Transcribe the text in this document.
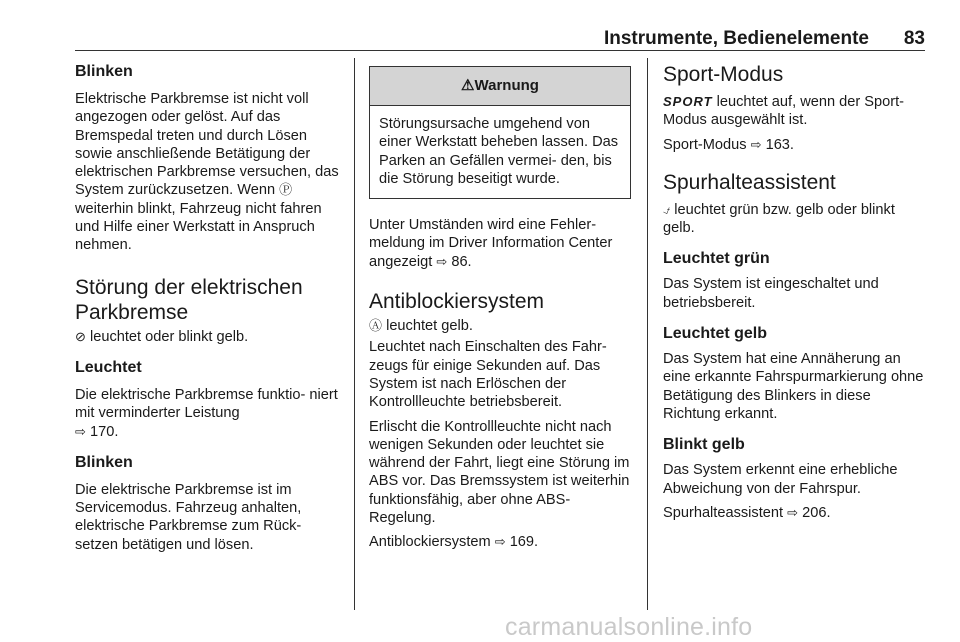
Instrumente, Bedienelemente 83
Blinken

Elektrische Parkbremse ist nicht voll angezogen oder gelöst. Auf das Bremspedal treten und durch Lösen sowie anschließende Betätigung der elektrischen Parkbremse versuchen, das System zurückzusetzen. Wenn Ⓟ weiterhin blinkt, Fahrzeug nicht fahren und Hilfe einer Werkstatt in Anspruch nehmen.

Störung der elektrischen Parkbremse

⊘ leuchtet oder blinkt gelb.

Leuchtet

Die elektrische Parkbremse funktio- niert mit verminderter Leistung
⇨ 170.

Blinken

Die elektrische Parkbremse ist im Servicemodus. Fahrzeug anhalten, elektrische Parkbremse zum Rück- setzen betätigen und lösen.

⚠Warnung

Störungsursache umgehend von einer Werkstatt beheben lassen. Das Parken an Gefällen vermei- den, bis die Störung beseitigt wurde.

Unter Umständen wird eine Fehler- meldung im Driver Information Center angezeigt ⇨ 86.

Antiblockiersystem

Ⓐ leuchtet gelb.

Leuchtet nach Einschalten des Fahr- zeugs für einige Sekunden auf. Das System ist nach Erlöschen der Kontrollleuchte betriebsbereit.

Erlischt die Kontrollleuchte nicht nach wenigen Sekunden oder leuchtet sie während der Fahrt, liegt eine Störung im ABS vor. Das Bremssystem ist weiterhin funktionsfähig, aber ohne ABS-Regelung.

Antiblockiersystem ⇨ 169.

Sport-Modus

SPORT leuchtet auf, wenn der Sport- Modus ausgewählt ist.

Sport-Modus ⇨ 163.

Spurhalteassistent

⍻ leuchtet grün bzw. gelb oder blinkt gelb.

Leuchtet grün

Das System ist eingeschaltet und betriebsbereit.

Leuchtet gelb

Das System hat eine Annäherung an eine erkannte Fahrspurmarkierung ohne Betätigung des Blinkers in diese Richtung erkannt.

Blinkt gelb

Das System erkennt eine erhebliche Abweichung von der Fahrspur.

Spurhalteassistent ⇨ 206.

carmanualsonline.info
